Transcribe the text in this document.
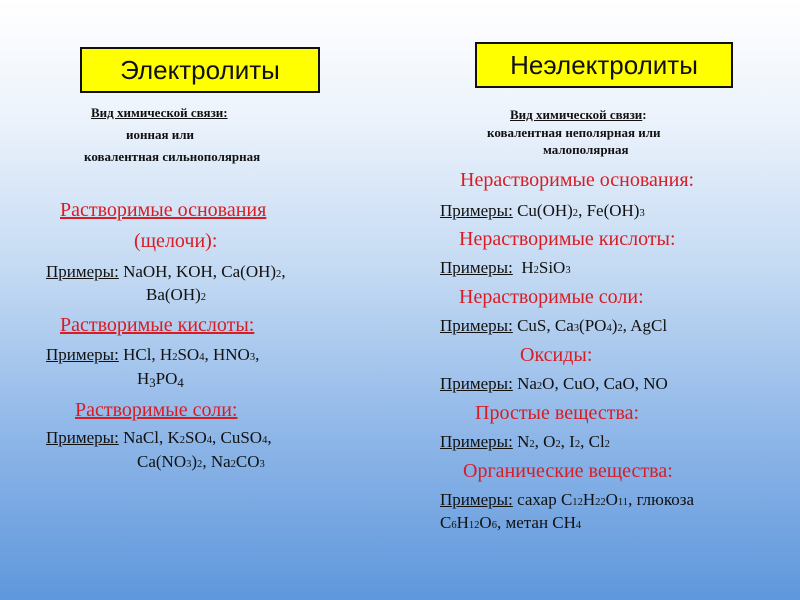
Электролиты
Вид химической связи:
ионная или
ковалентная сильнополярная
Растворимые основания
(щелочи):
Примеры: NaOH, KOH, Ca(OH)2,
Ba(OH)2
Растворимые кислоты:
Примеры: HCl, H2SO4, HNO3,
H3PO4
Растворимые соли:
Примеры: NaCl, K2SO4, CuSO4,
Ca(NO3)2, Na2CO3
Неэлектролиты
Вид химической связи:
ковалентная неполярная или
малополярная
Нерастворимые основания:
Примеры: Cu(OH)2, Fe(OH)3
Нерастворимые кислоты:
Примеры: H2SiO3
Нерастворимые соли:
Примеры: CuS, Ca3(PO4)2, AgCl
Оксиды:
Примеры: Na2O, CuO, CaO, NO
Простые вещества:
Примеры: N2, O2, I2, Cl2
Органические вещества:
Примеры: сахар C12H22O11, глюкоза
C6H12O6, метан CH4
